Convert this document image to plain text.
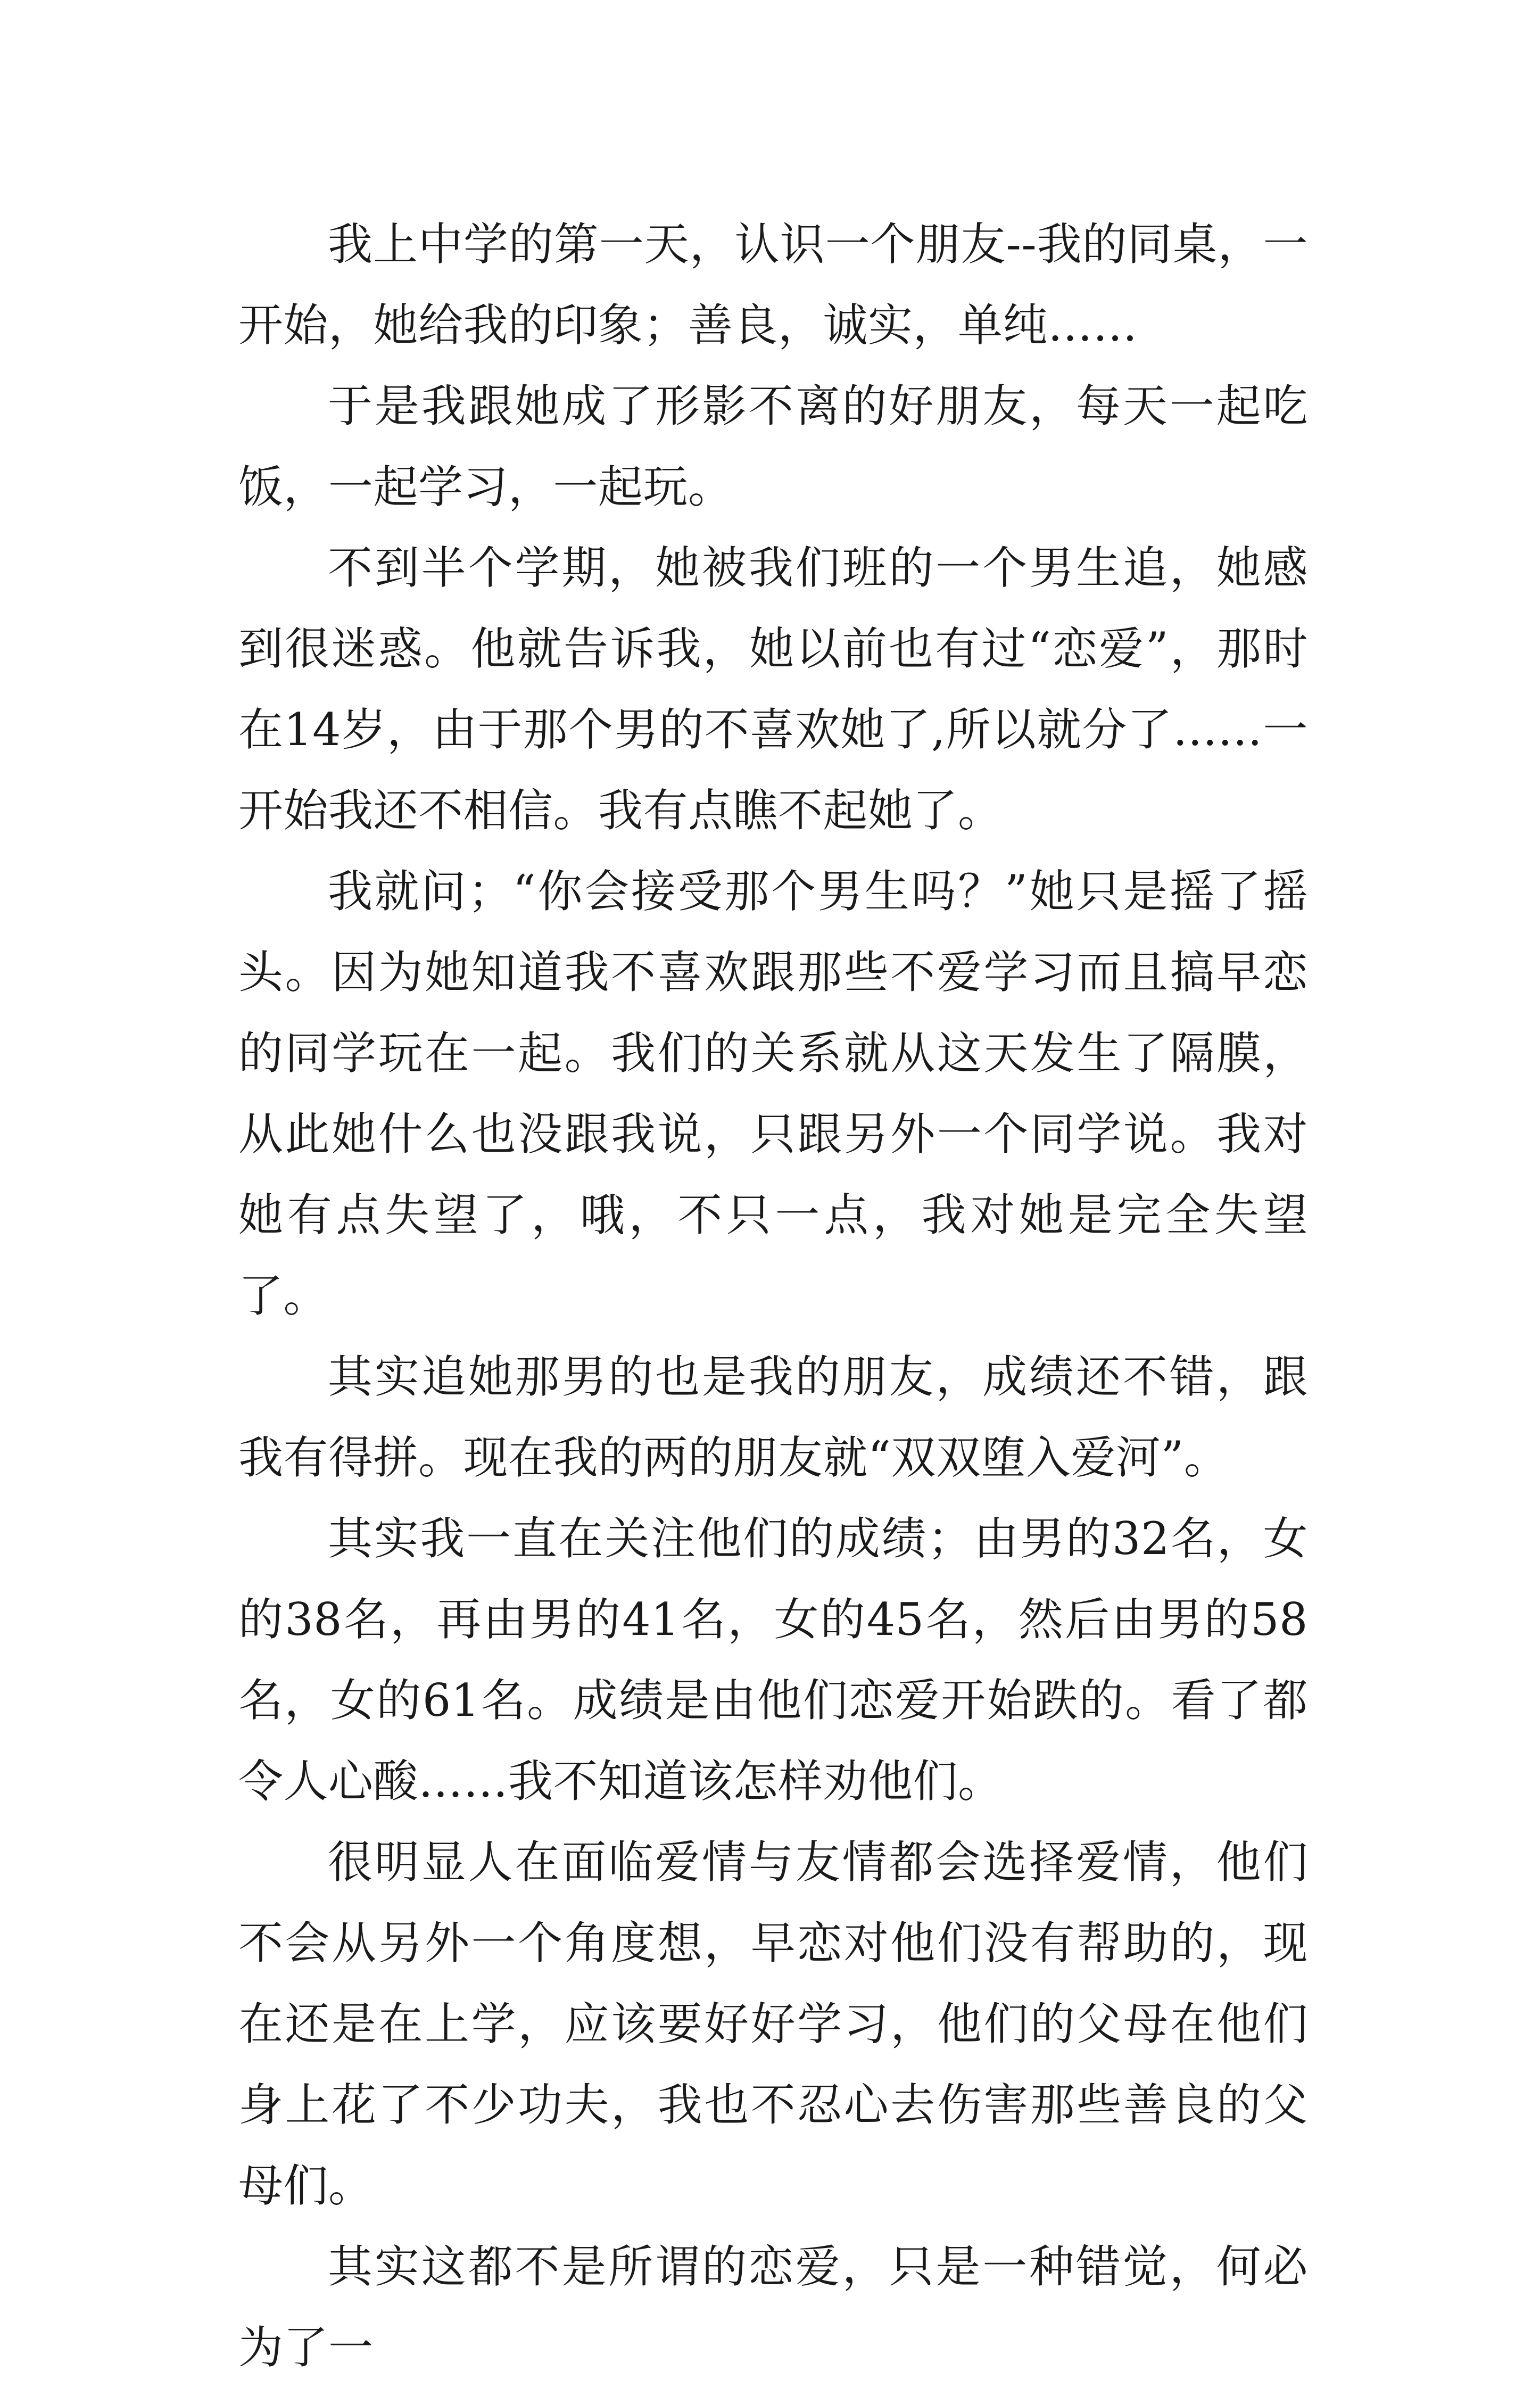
我上中学的第一天，认识一个朋友--我的同桌，一开始，她给我的印象；善良，诚实，单纯……

于是我跟她成了形影不离的好朋友，每天一起吃饭，一起学习，一起玩。

不到半个学期，她被我们班的一个男生追，她感到很迷惑。他就告诉我，她以前也有过“恋爱”，那时在14岁，由于那个男的不喜欢她了,所以就分了……一开始我还不相信。我有点瞧不起她了。

我就问；“你会接受那个男生吗？”她只是摇了摇头。因为她知道我不喜欢跟那些不爱学习而且搞早恋的同学玩在一起。我们的关系就从这天发生了隔膜，从此她什么也没跟我说，只跟另外一个同学说。我对她有点失望了，哦，不只一点，我对她是完全失望了。

其实追她那男的也是我的朋友，成绩还不错，跟我有得拼。现在我的两的朋友就“双双堕入爱河”。

其实我一直在关注他们的成绩；由男的32名，女的38名，再由男的41名，女的45名，然后由男的58名，女的61名。成绩是由他们恋爱开始跌的。看了都令人心酸……我不知道该怎样劝他们。

很明显人在面临爱情与友情都会选择爱情，他们不会从另外一个角度想，早恋对他们没有帮助的，现在还是在上学，应该要好好学习，他们的父母在他们身上花了不少功夫，我也不忍心去伤害那些善良的父母们。

其实这都不是所谓的恋爱，只是一种错觉，何必为了一
